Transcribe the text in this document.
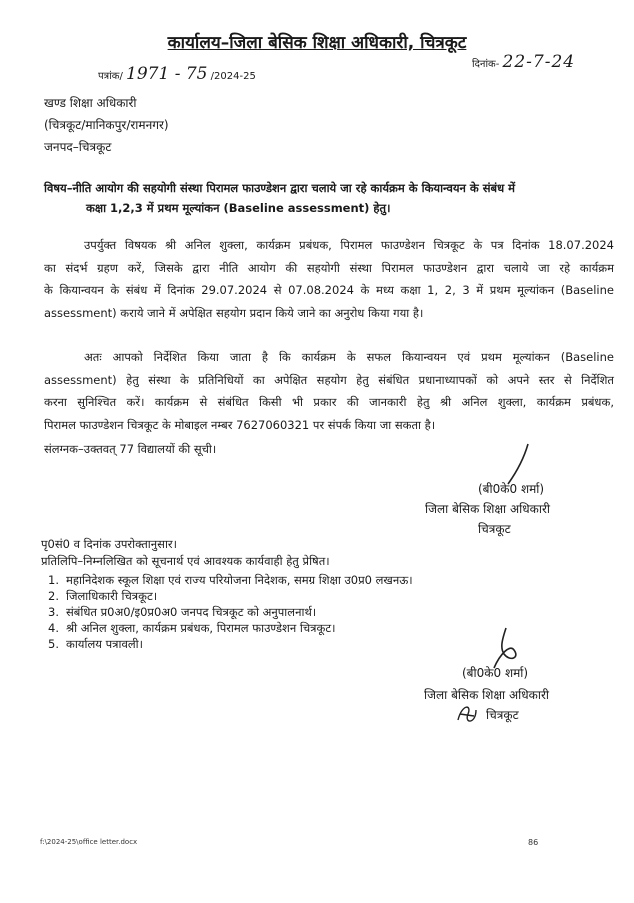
कार्यालय–जिला बेसिक शिक्षा अधिकारी, चित्रकूट
पत्रांक/ 1971 - 75 /2024-25
दिनांक- 22-7-24
खण्ड शिक्षा अधिकारी
(चित्रकूट/मानिकपुर/रामनगर)
जनपद–चित्रकूट
विषय–नीति आयोग की सहयोगी संस्था पिरामल फाउण्डेशन द्वारा चलाये जा रहे कार्यक्रम के कियान्वयन के संबंध में
कक्षा 1,2,3 में प्रथम मूल्यांकन (Baseline assessment) हेतु।
उपर्युक्त विषयक श्री अनिल शुक्ला, कार्यक्रम प्रबंधक, पिरामल फाउण्डेशन चित्रकूट के पत्र दिनांक 18.07.2024
का संदर्भ ग्रहण करें, जिसके द्वारा नीति आयोग की सहयोगी संस्था पिरामल फाउण्डेशन द्वारा चलाये जा रहे कार्यक्रम
के कियान्वयन के संबंध में दिनांक 29.07.2024 से 07.08.2024 के मध्य कक्षा 1, 2, 3 में प्रथम मूल्यांकन (Baseline
assessment) कराये जाने में अपेक्षित सहयोग प्रदान किये जाने का अनुरोध किया गया है।
अतः आपको निर्देशित किया जाता है कि कार्यक्रम के सफल कियान्वयन एवं प्रथम मूल्यांकन (Baseline
assessment) हेतु संस्था के प्रतिनिधियों का अपेक्षित सहयोग हेतु संबंधित प्रधानाध्यापकों को अपने स्तर से निर्देशित
करना सुनिश्चित करें। कार्यक्रम से संबंधित किसी भी प्रकार की जानकारी हेतु श्री अनिल शुक्ला, कार्यक्रम प्रबंधक,
पिरामल फाउण्डेशन चित्रकूट के मोबाइल नम्बर 7627060321 पर संपर्क किया जा सकता है।
संलग्नक–उक्तवत् 77 विद्यालयों की सूची।
(बी0के0 शर्मा)
जिला बेसिक शिक्षा अधिकारी
चित्रकूट
पृ0सं0 व दिनांक उपरोक्तानुसार।
प्रतिलिपि–निम्नलिखित को सूचनार्थ एवं आवश्यक कार्यवाही हेतु प्रेषित।
1. महानिदेशक स्कूल शिक्षा एवं राज्य परियोजना निदेशक, समग्र शिक्षा उ0प्र0 लखनऊ।
2. जिलाधिकारी चित्रकूट।
3. संबंधित प्र0अ0/इ0प्र0अ0 जनपद चित्रकूट को अनुपालनार्थ।
4. श्री अनिल शुक्ला, कार्यक्रम प्रबंधक, पिरामल फाउण्डेशन चित्रकूट।
5. कार्यालय पत्रावली।
(बी0के0 शर्मा)
जिला बेसिक शिक्षा अधिकारी
चित्रकूट
f:\2024-25\office letter.docx	86
